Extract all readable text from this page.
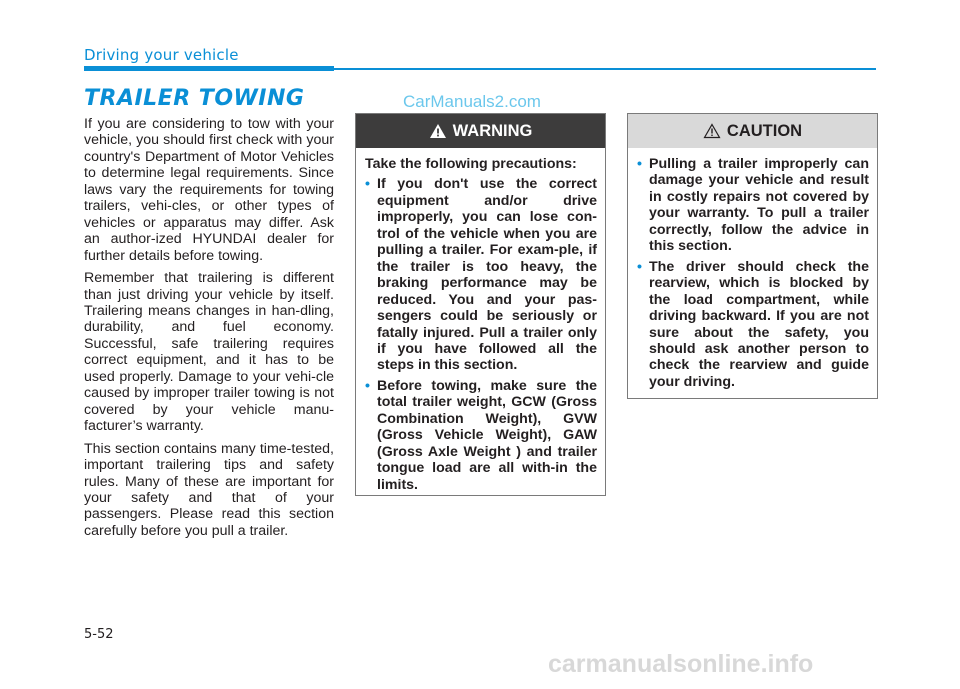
Driving your vehicle
TRAILER TOWING	CarManuals2.com

If you are considering to tow with your vehicle, you should first check with your country's Department of Motor Vehicles to determine legal requirements. Since laws vary the requirements for towing trailers, vehi-cles, or other types of vehicles or apparatus may differ. Ask an author-ized HYUNDAI dealer for further details before towing.

Remember that trailering is different than just driving your vehicle by itself. Trailering means changes in han-dling, durability, and fuel economy. Successful, safe trailering requires correct equipment, and it has to be used properly. Damage to your vehi-cle caused by improper trailer towing is not covered by your vehicle manu-facturer’s warranty.

This section contains many time-tested, important trailering tips and safety rules. Many of these are important for your safety and that of your passengers. Please read this section carefully before you pull a trailer.

WARNING

Take the following precautions:

• If you don't use the correct equipment and/or drive improperly, you can lose con-trol of the vehicle when you are pulling a trailer. For exam-ple, if the trailer is too heavy, the braking performance may be reduced. You and your pas-sengers could be seriously or fatally injured. Pull a trailer only if you have followed all the steps in this section.
• Before towing, make sure the total trailer weight, GCW (Gross Combination Weight), GVW (Gross Vehicle Weight), GAW (Gross Axle Weight ) and trailer tongue load are all with-in the limits.
CAUTION
• Pulling a trailer improperly can damage your vehicle and result in costly repairs not covered by your warranty. To pull a trailer correctly, follow the advice in this section.
• The driver should check the rearview, which is blocked by the load compartment, while driving backward. If you are not sure about the safety, you should ask another person to check the rearview and guide your driving.
5-52
carmanualsonline.info
